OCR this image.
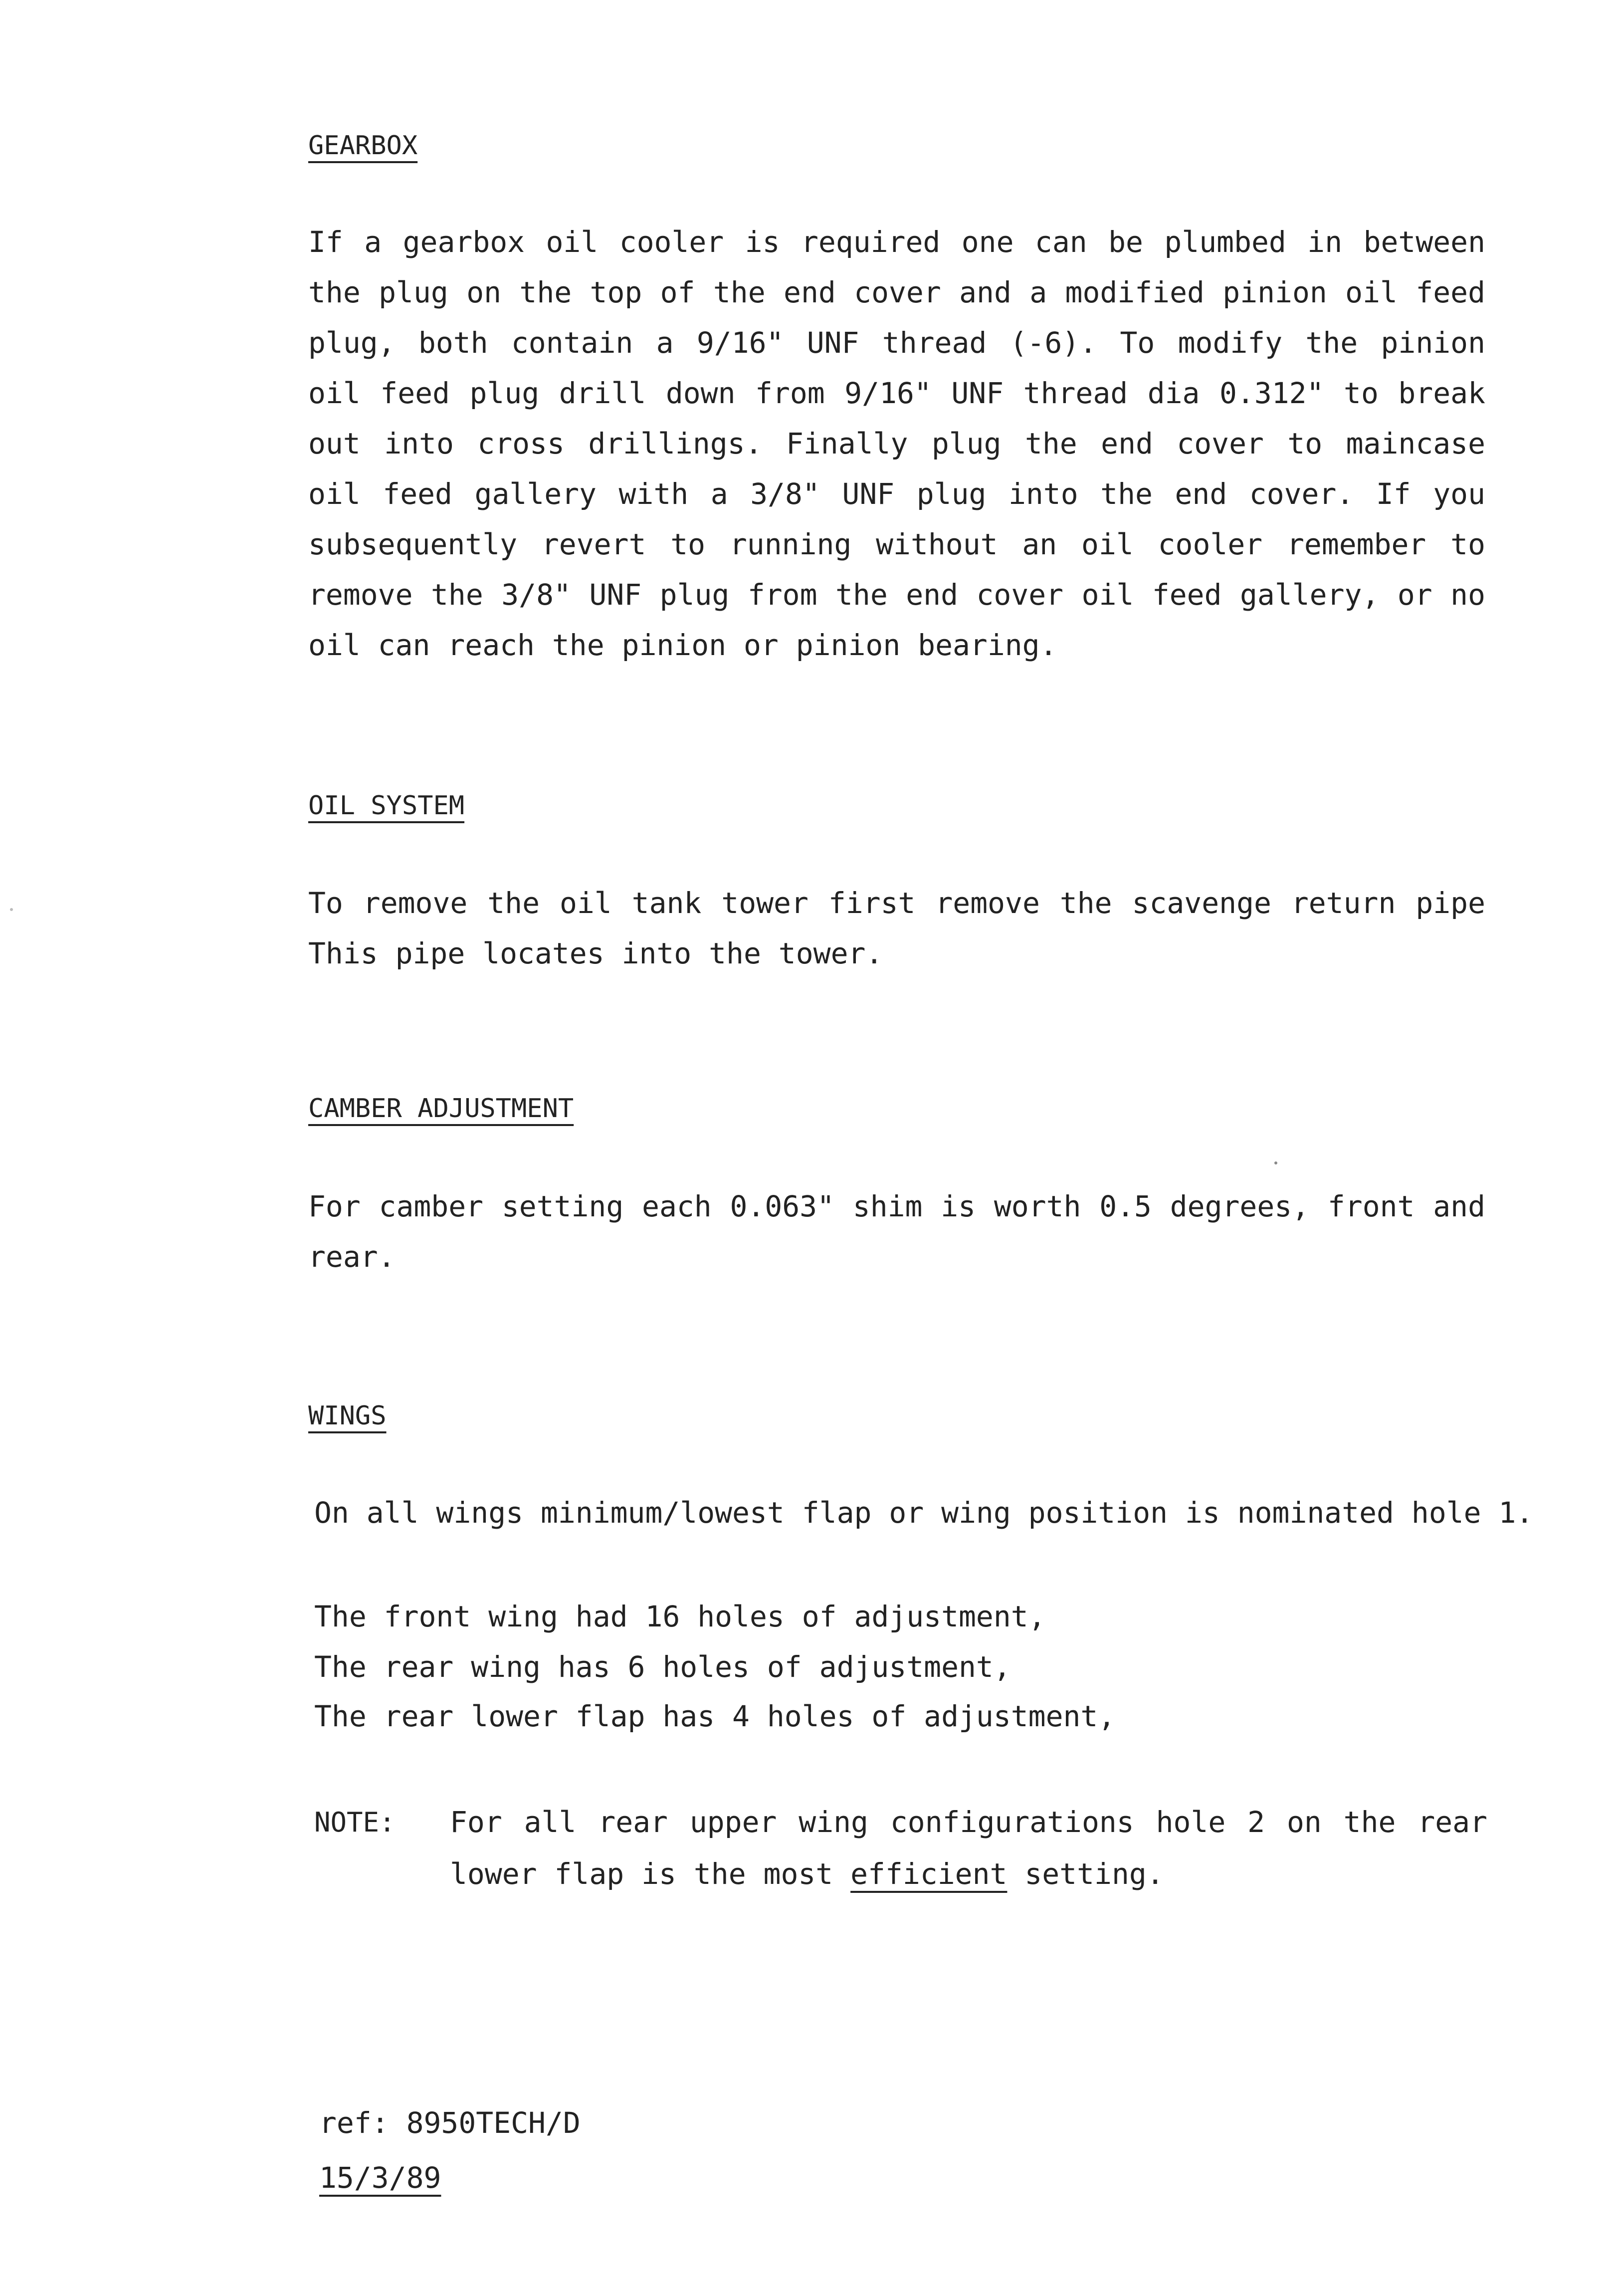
GEARBOX
If a gearbox oil cooler is required one can be plumbed in between the plug on the top of the end cover and a modified pinion oil feed plug, both contain a 9/16" UNF thread (-6). To modify the pinion oil feed plug drill down from 9/16" UNF thread dia 0.312" to break out into cross drillings. Finally plug the end cover to maincase oil feed gallery with a 3/8" UNF plug into the end cover. If you subsequently revert to running without an oil cooler remember to remove the 3/8" UNF plug from the end cover oil feed gallery, or no oil can reach the pinion or pinion bearing.
OIL SYSTEM
To remove the oil tank tower first remove the scavenge return pipe This pipe locates into the tower.
CAMBER ADJUSTMENT
For camber setting each 0.063" shim is worth 0.5 degrees, front and rear.
WINGS
On all wings minimum/lowest flap or wing position is nominated hole 1.
The front wing had 16 holes of adjustment,
The rear wing has 6 holes of adjustment,
The rear lower flap has 4 holes of adjustment,
NOTE: For all rear upper wing configurations hole 2 on the rear lower flap is the most efficient setting.
ref: 8950TECH/D
15/3/89
